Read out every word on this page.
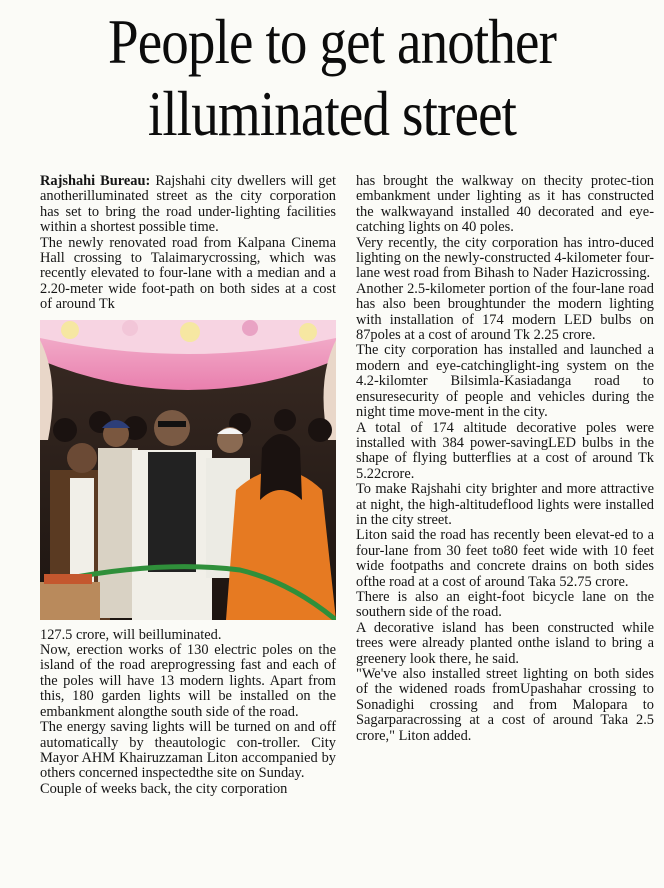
People to get another
illuminated street

Rajshahi Bureau: Rajshahi city dwellers will get anotherilluminated street as the city corporation has set to bring the road under-lighting facilities within a shortest possible time.

The newly renovated road from Kalpana Cinema Hall crossing to Talaimarycrossing, which was recently elevated to four-lane with a median and a 2.20-meter wide foot-path on both sides at a cost of around Tk

127.5 crore, will beilluminated.

Now, erection works of 130 electric poles on the island of the road areprogressing fast and each of the poles will have 13 modern lights. Apart from this, 180 garden lights will be installed on the embankment alongthe south side of the road.

The energy saving lights will be turned on and off automatically by theautologic con-troller. City Mayor AHM Khairuzzaman Liton accompanied by others concerned inspectedthe site on Sunday.

Couple of weeks back, the city corporation

has brought the walkway on thecity protec-tion embankment under lighting as it has constructed the walkwayand installed 40 decorated and eye-catching lights on 40 poles.

Very recently, the city corporation has intro-duced lighting on the newly-constructed 4-kilometer four-lane west road from Bihash to Nader Hazicrossing.

Another 2.5-kilometer portion of the four-lane road has also been broughtunder the modern lighting with installation of 174 modern LED bulbs on 87poles at a cost of around Tk 2.25 crore.

The city corporation has installed and launched a modern and eye-catchinglight-ing system on the 4.2-kilomter Bilsimla-Kasiadanga road to ensuresecurity of people and vehicles during the night time move-ment in the city.

A total of 174 altitude decorative poles were installed with 384 power-savingLED bulbs in the shape of flying butterflies at a cost of around Tk 5.22crore.

To make Rajshahi city brighter and more attractive at night, the high-altitudeflood lights were installed in the city street.

Liton said the road has recently been elevat-ed to a four-lane from 30 feet to80 feet wide with 10 feet wide footpaths and concrete drains on both sides ofthe road at a cost of around Taka 52.75 crore.

There is also an eight-foot bicycle lane on the southern side of the road.

A decorative island has been constructed while trees were already planted onthe island to bring a greenery look there, he said.

"We've also installed street lighting on both sides of the widened roads fromUpashahar crossing to Sonadighi crossing and from Malopara to Sagarparacrossing at a cost of around Taka 2.5 crore," Liton added.
